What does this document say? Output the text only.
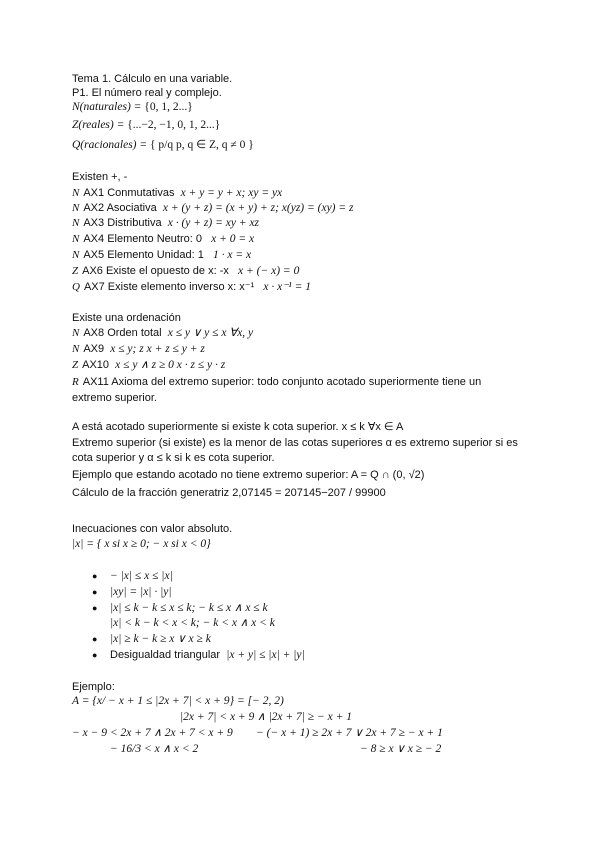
Tema 1. Cálculo en una variable.
P1. El número real y complejo.
N(naturales) = {0, 1, 2...}
Z(reales) = {...−2, −1, 0, 1, 2...}
Q(racionales) = { p/q p, q ∈ Z, q ≠ 0 }
Existen +, -
N AX1 Conmutativas x + y = y + x; xy = yx
N AX2 Asociativa x + (y + z) = (x + y) + z; x(yz) = (xy) = z
N AX3 Distributiva x · (y + z) = xy + xz
N AX4 Elemento Neutro: 0 x + 0 = x
N AX5 Elemento Unidad: 1 1 · x = x
Z AX6 Existe el opuesto de x: -x x + (− x) = 0
Q AX7 Existe elemento inverso x: x⁻¹ x · x⁻¹ = 1
Existe una ordenación
N AX8 Orden total x ≤ y ∨ y ≤ x ∀x, y
N AX9 x ≤ y; z x + z ≤ y + z
Z AX10 x ≤ y ∧ z ≥ 0 x · z ≤ y · z
R AX11 Axioma del extremo superior: todo conjunto acotado superiormente tiene un extremo superior.
A está acotado superiormente si existe k cota superior. x ≤ k ∀x ∈ A
Extremo superior (si existe) es la menor de las cotas superiores α es extremo superior si es cota superior y α ≤ k si k es cota superior.
Ejemplo que estando acotado no tiene extremo superior: A = Q ∩ (0, √2)
Cálculo de la fracción generatriz 2,07145 = 207145−207 / 99900
Inecuaciones con valor absoluto.
|x| = { x si x ≥ 0; − x si x < 0}
● − |x| ≤ x ≤ |x|
● |xy| = |x| · |y|
● |x| ≤ k − k ≤ x ≤ k; − k ≤ x ∧ x ≤ k
|x| < k − k < x < k; − k < x ∧ x < k
● |x| ≥ k − k ≥ x ∨ x ≥ k
● Desigualdad triangular |x + y| ≤ |x| + |y|
Ejemplo:
A = {x/ − x + 1 ≤ |2x + 7| < x + 9} = [− 2, 2)
|2x + 7| < x + 9 ∧ |2x + 7| ≥ − x + 1
− x − 9 < 2x + 7 ∧ 2x + 7 < x + 9 − (− x + 1) ≥ 2x + 7 ∨ 2x + 7 ≥ − x + 1
− 16/3 < x ∧ x < 2	− 8 ≥ x ∨ x ≥ − 2
